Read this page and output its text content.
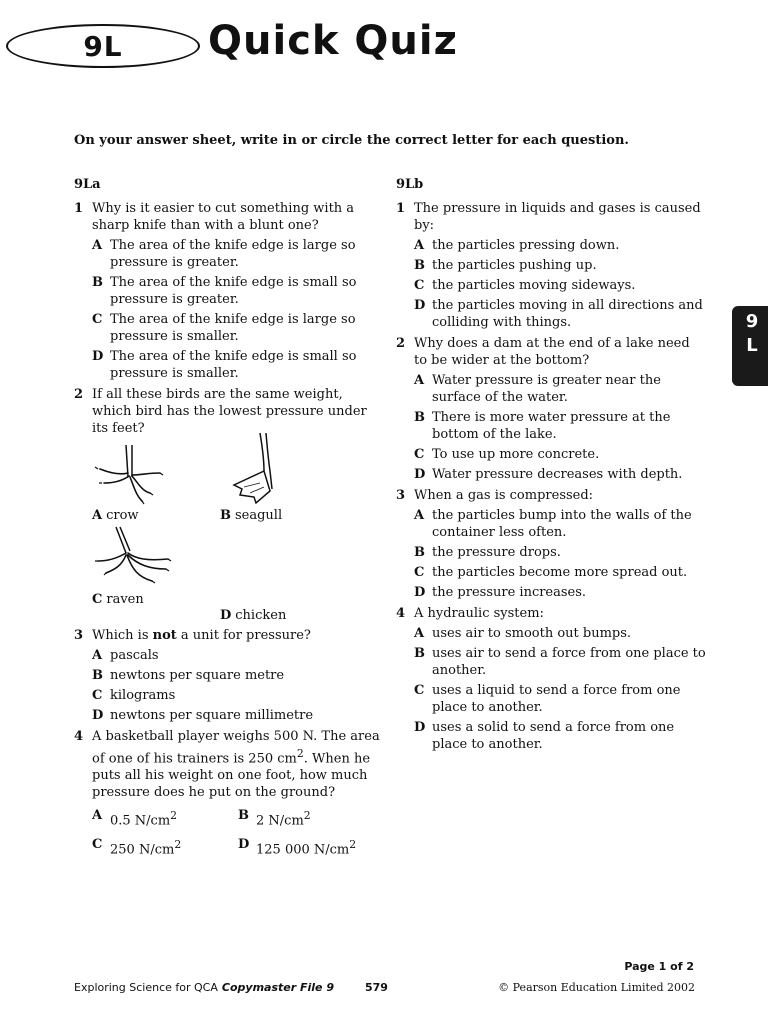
9L Quick Quiz
On your answer sheet, write in or circle the correct letter for each question.
9La
1 Why is it easier to cut something with a sharp knife than with a blunt one?
A The area of the knife edge is large so pressure is greater.
B The area of the knife edge is small so pressure is greater.
C The area of the knife edge is large so pressure is smaller.
D The area of the knife edge is small so pressure is smaller.
2 If all these birds are the same weight, which bird has the lowest pressure under its feet?
A crow	B seagull
C raven
D chicken
3 Which is not a unit for pressure?
A pascals
B newtons per square metre
C kilograms
D newtons per square millimetre
4 A basketball player weighs 500 N. The area of one of his trainers is 250 $cm^2$. When he puts all his weight on one foot, how much pressure does he put on the ground?
A 0.5 $N/cm^2$	B 2 $N/cm^2$
C 250 $N/cm^2$	D 125 000 $N/cm^2$
9Lb
1 The pressure in liquids and gases is caused by:
A the particles pressing down.
B the particles pushing up.
C the particles moving sideways.
D the particles moving in all directions and colliding with things.
2 Why does a dam at the end of a lake need to be wider at the bottom?
A Water pressure is greater near the surface of the water.
B There is more water pressure at the bottom of the lake.
C To use up more concrete.
D Water pressure decreases with depth.
3 When a gas is compressed:
A the particles bump into the walls of the container less often.
B the pressure drops.
C the particles become more spread out.
D the pressure increases.
4 A hydraulic system:
A uses air to smooth out bumps.
B uses air to send a force from one place to another.
C uses a liquid to send a force from one place to another.
D uses a solid to send a force from one place to another.
9
L
Page 1 of 2
Exploring Science for QCA Copymaster File 9	579	© Pearson Education Limited 2002
